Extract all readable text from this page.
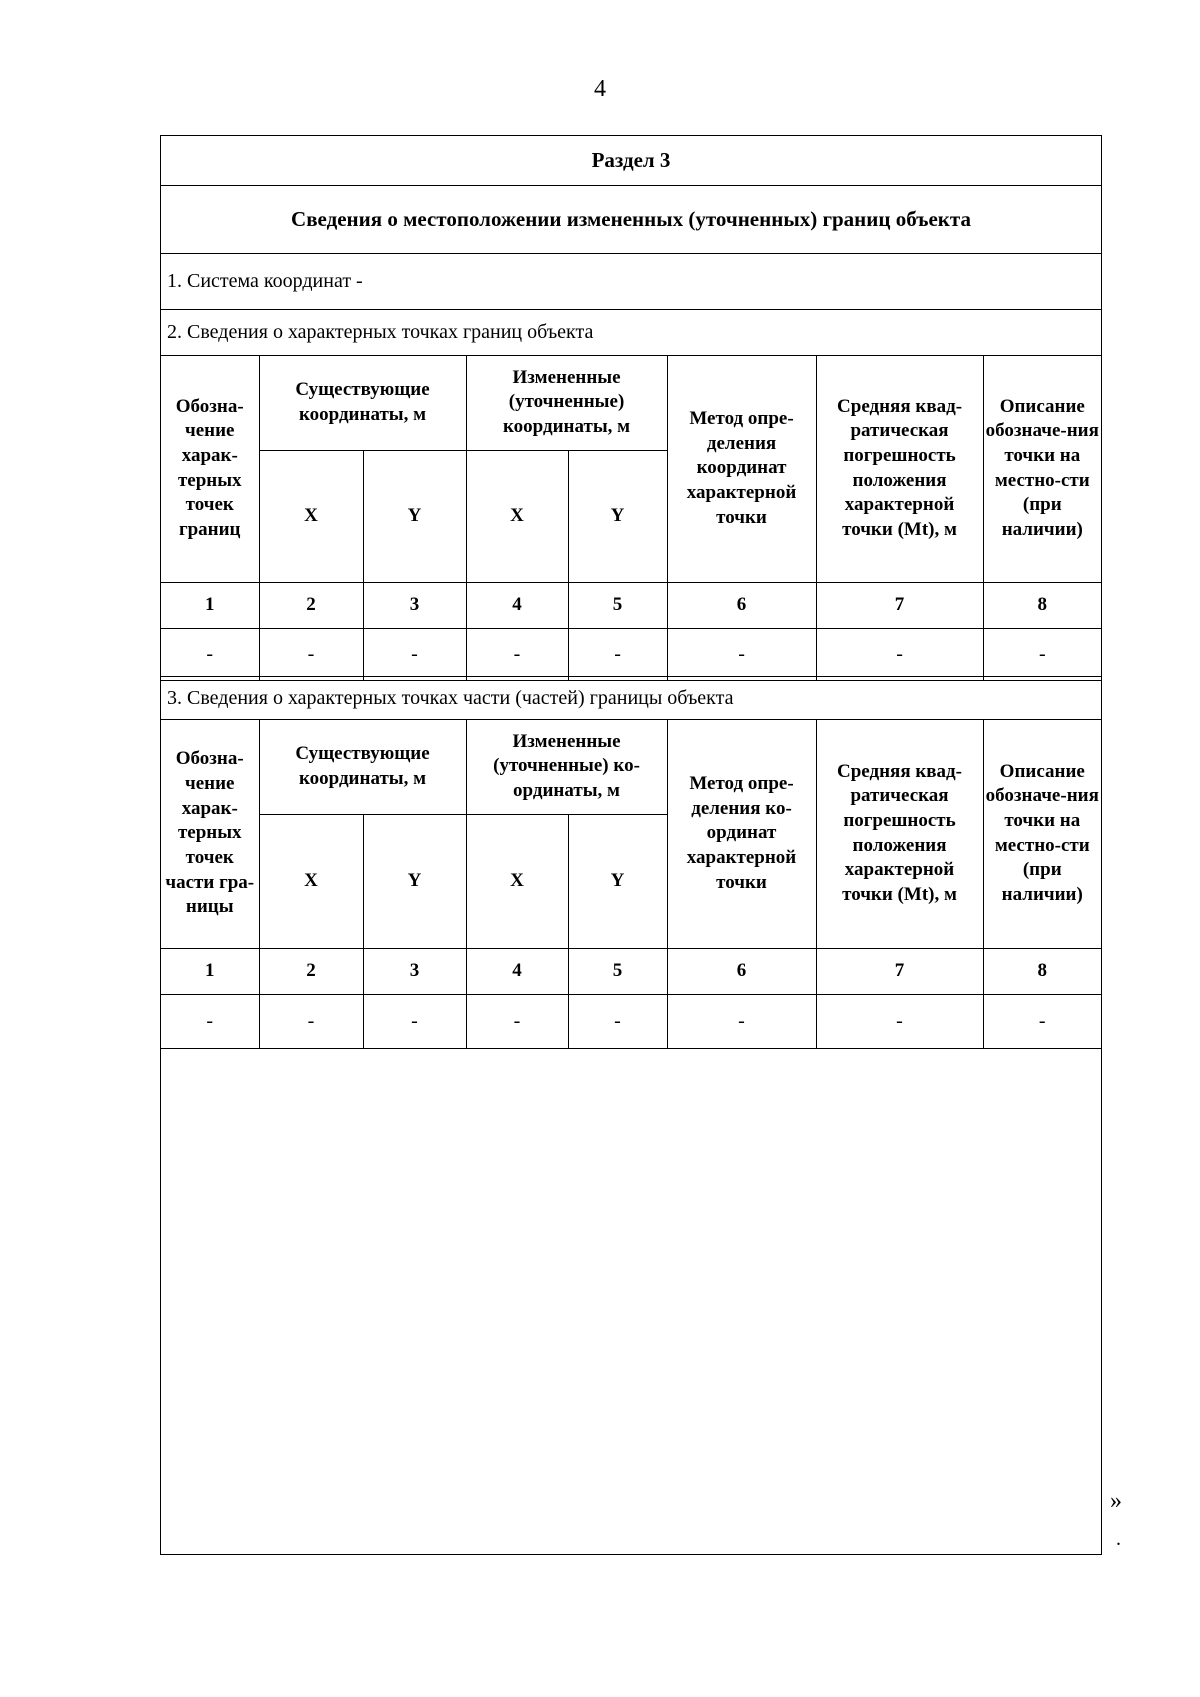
4
Раздел 3
Сведения о местоположении измененных (уточненных) границ объекта
1. Система координат -
2. Сведения о характерных точках границ объекта
Обозна-чение харак-терных точек границ	Существующие координаты, м		Измененные (уточненные) координаты, м		Метод опре-деления координат характерной точки	Средняя квад-ратическая погрешность положения характерной точки (Mt), м	Описание обозначе-ния точки на местно-сти (при наличии)
	X	Y	X	Y			
1	2	3	4	5	6	7	8
-	-	-	-	-	-	-	-
3. Сведения о характерных точках части (частей) границы объекта
Обозна-чение харак-терных точек части гра-ницы	Существующие координаты, м		Измененные (уточненные) ко-ординаты, м		Метод опре-деления ко-ординат характерной точки	Средняя квад-ратическая погрешность положения характерной точки (Mt), м	Описание обозначе-ния точки на местно-сти (при наличии)
	X	Y	X	Y			
1	2	3	4	5	6	7	8
-	-	-	-	-	-	-	-
»
.
